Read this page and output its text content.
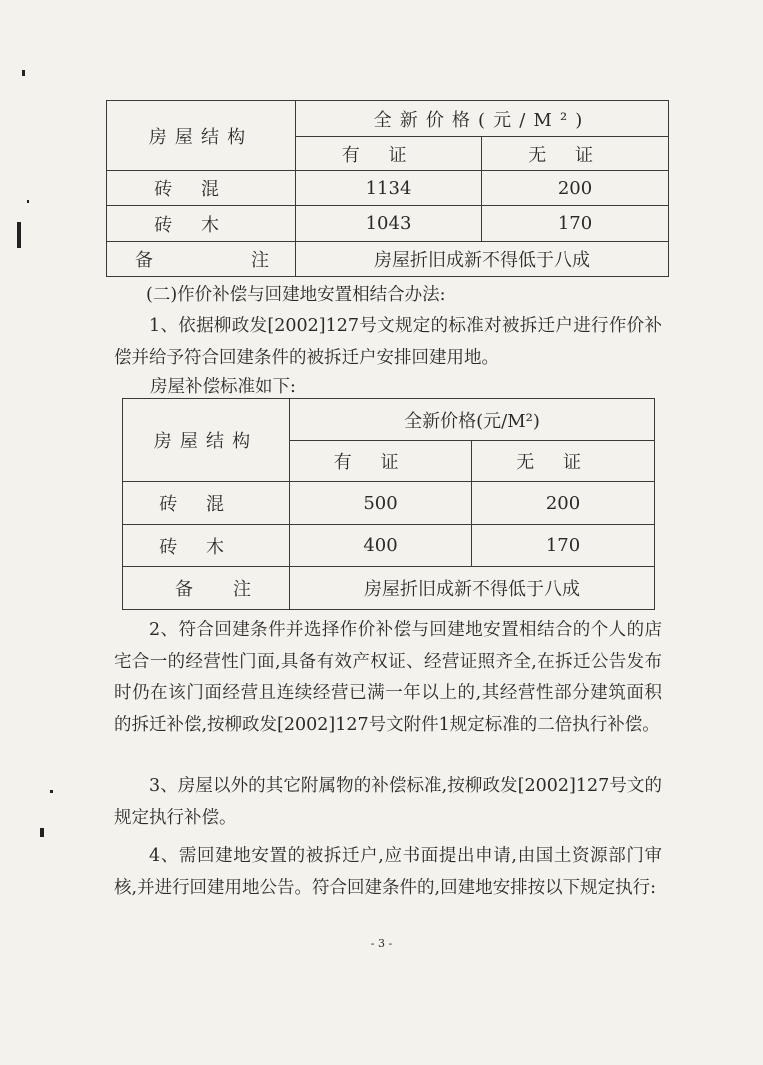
房屋结构	全新价格(元/M²)	
	有证	无证
砖混	1134	200
砖木	1043	170

备 注	房屋折旧成新不得低于八成	
(二)作价补偿与回建地安置相结合办法:
1、依据柳政发[2002]127号文规定的标准对被拆迁户进行作价补偿并给予符合回建条件的被拆迁户安排回建用地。
房屋补偿标准如下:
房屋结构	全新价格(元/M²)	
	有证	无证
砖混	500	200
砖木	400	170

备 注	房屋折旧成新不得低于八成	
2、符合回建条件并选择作价补偿与回建地安置相结合的个人的店宅合一的经营性门面,具备有效产权证、经营证照齐全,在拆迁公告发布时仍在该门面经营且连续经营已满一年以上的,其经营性部分建筑面积的拆迁补偿,按柳政发[2002]127号文附件1规定标准的二倍执行补偿。
3、房屋以外的其它附属物的补偿标准,按柳政发[2002]127号文的规定执行补偿。
4、需回建地安置的被拆迁户,应书面提出申请,由国土资源部门审核,并进行回建用地公告。符合回建条件的,回建地安排按以下规定执行:
- 3 -
